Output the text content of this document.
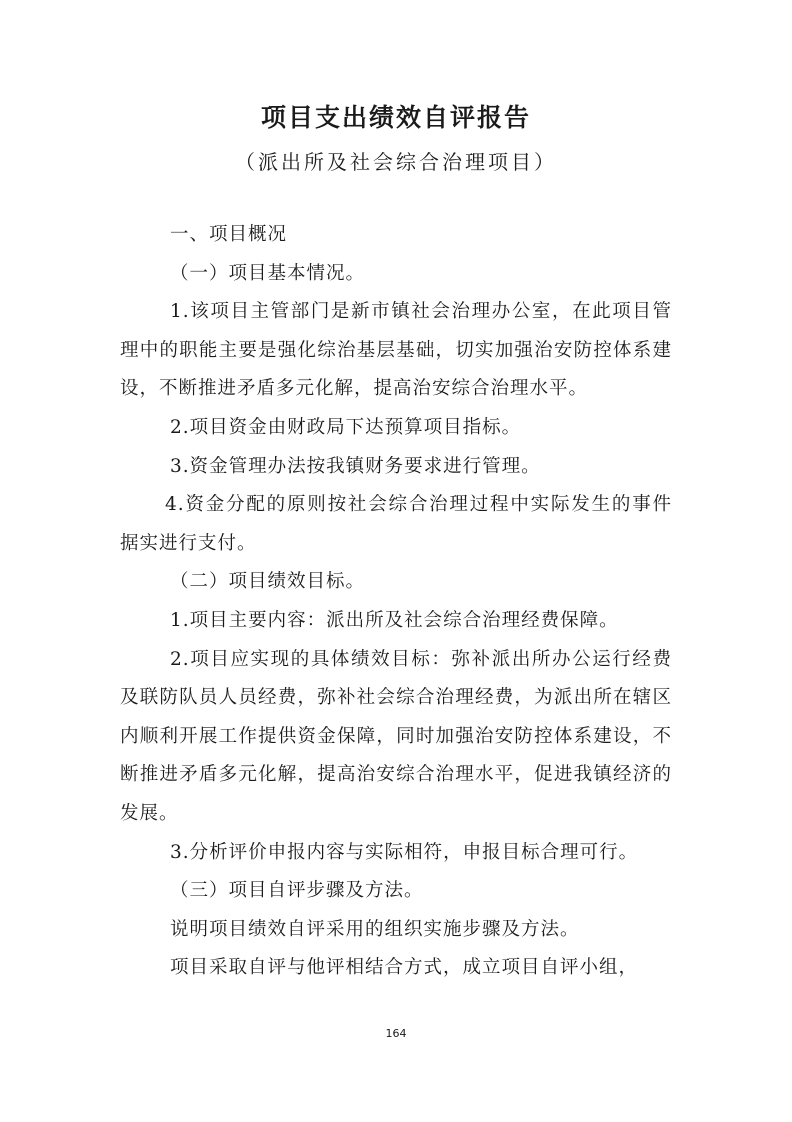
项目支出绩效自评报告
（派出所及社会综合治理项目）

一、项目概况

（一）项目基本情况。

1.该项目主管部门是新市镇社会治理办公室，在此项目管理中的职能主要是强化综治基层基础，切实加强治安防控体系建设，不断推进矛盾多元化解，提高治安综合治理水平。

2.项目资金由财政局下达预算项目指标。

3.资金管理办法按我镇财务要求进行管理。

4.资金分配的原则按社会综合治理过程中实际发生的事件据实进行支付。

（二）项目绩效目标。

1.项目主要内容：派出所及社会综合治理经费保障。

2.项目应实现的具体绩效目标：弥补派出所办公运行经费及联防队员人员经费，弥补社会综合治理经费，为派出所在辖区内顺利开展工作提供资金保障，同时加强治安防控体系建设，不断推进矛盾多元化解，提高治安综合治理水平，促进我镇经济的发展。

3.分析评价申报内容与实际相符，申报目标合理可行。

（三）项目自评步骤及方法。

说明项目绩效自评采用的组织实施步骤及方法。

项目采取自评与他评相结合方式，成立项目自评小组，

164
